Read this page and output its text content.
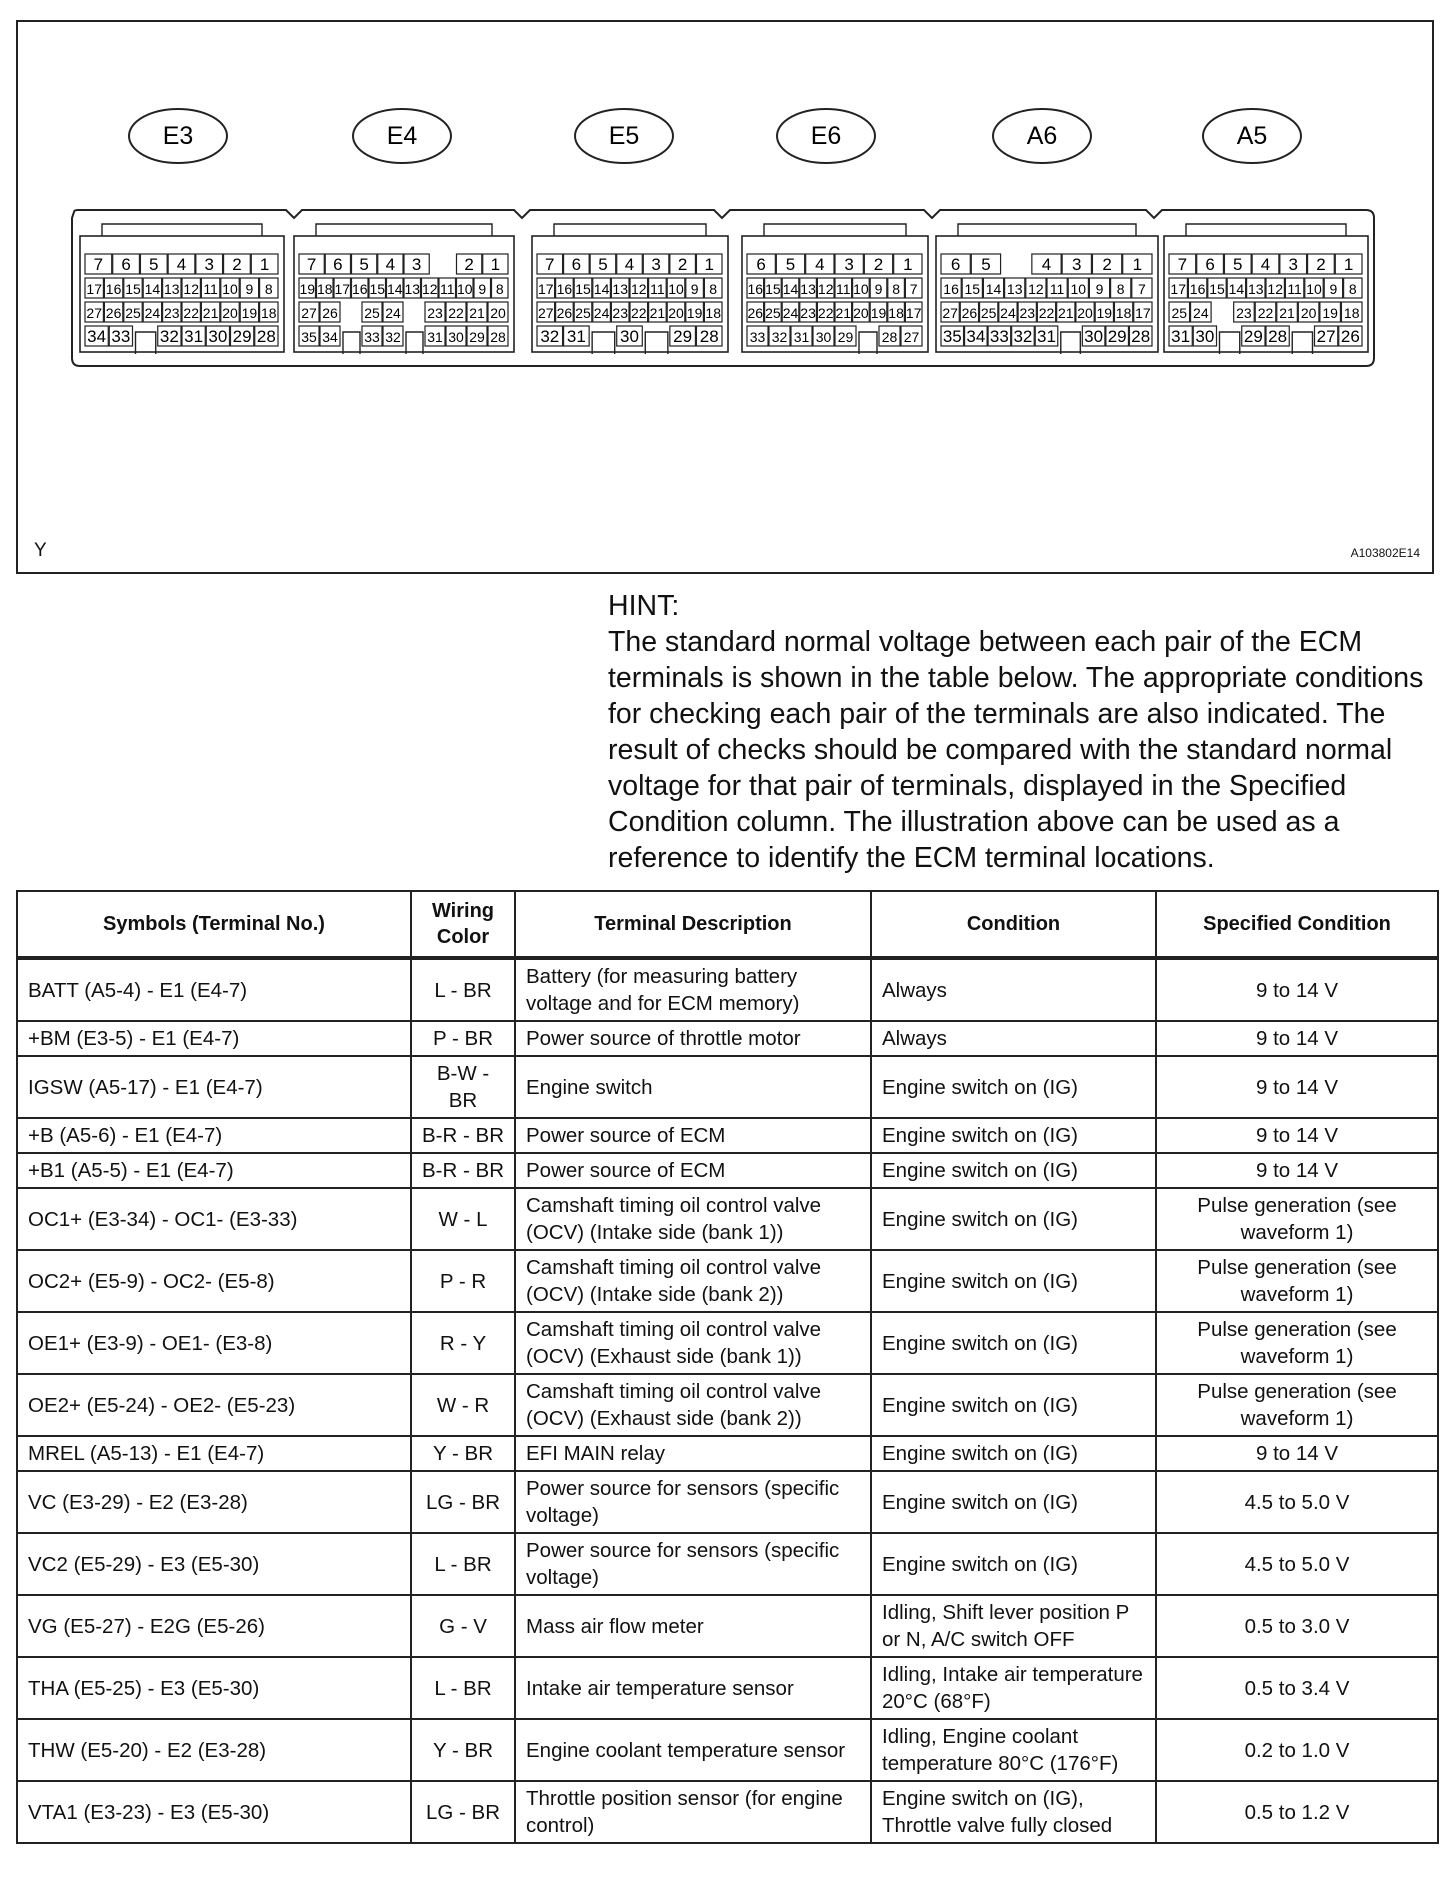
E3
7 6 5 4 3 2 1
17 16 15 14 13 12 11 10 9 8
27 26 25 24 23 22 21 20 19 18
34 33 32 31 30 29 28
E4
7 6 5 4 3	2 1
19 18 17 16 15 14 13 12 11 10 9 8
27 26 25 24 23 22 21 20
35 34 33 32 31 30 29 28
E5
7 6 5 4 3 2 1
17 16 15 14 13 12 11 10 9 8
27 26 25 24 23 22 21 20 19 18
32 31 30 29 28
E6
6 5 4 3 2 1
16 15 14 13 12 11 10 9 8 7
26 25 24 23 22 21 20 19 18 17
33 32 31 30 29 28 27
A6
6 5	4 3 2 1
16 15 14 13 12 11 10 9 8 7
27 26 25 24 23 22 21 20 19 18 17
35 34 33 32 31 30 29 28
A5
7 6 5 4 3 2 1
17 16 15 14 13 12 11 10 9 8
25 24 23 22 21 20 19 18
31 30 29 28 27 26
Y	A103802E14
HINT:
The standard normal voltage between each pair of the ECM terminals is shown in the table below. The appropriate conditions for checking each pair of the terminals are also indicated. The result of checks should be compared with the standard normal voltage for that pair of terminals, displayed in the Specified Condition column. The illustration above can be used as a reference to identify the ECM terminal locations.
Symbols (Terminal No.)	Wiring Color	Terminal Description	Condition	Specified Condition
BATT (A5-4) - E1 (E4-7)	L - BR	Battery (for measuring battery voltage and for ECM memory)	Always	9 to 14 V
+BM (E3-5) - E1 (E4-7)	P - BR	Power source of throttle motor	Always	9 to 14 V
IGSW (A5-17) - E1 (E4-7)	B-W - BR	Engine switch	Engine switch on (IG)	9 to 14 V
+B (A5-6) - E1 (E4-7)	B-R - BR	Power source of ECM	Engine switch on (IG)	9 to 14 V
+B1 (A5-5) - E1 (E4-7)	B-R - BR	Power source of ECM	Engine switch on (IG)	9 to 14 V
OC1+ (E3-34) - OC1- (E3-33)	W - L	Camshaft timing oil control valve (OCV) (Intake side (bank 1))	Engine switch on (IG)	Pulse generation (see waveform 1)
OC2+ (E5-9) - OC2- (E5-8)	P - R	Camshaft timing oil control valve (OCV) (Intake side (bank 2))	Engine switch on (IG)	Pulse generation (see waveform 1)
OE1+ (E3-9) - OE1- (E3-8)	R - Y	Camshaft timing oil control valve (OCV) (Exhaust side (bank 1))	Engine switch on (IG)	Pulse generation (see waveform 1)
OE2+ (E5-24) - OE2- (E5-23)	W - R	Camshaft timing oil control valve (OCV) (Exhaust side (bank 2))	Engine switch on (IG)	Pulse generation (see waveform 1)
MREL (A5-13) - E1 (E4-7)	Y - BR	EFI MAIN relay	Engine switch on (IG)	9 to 14 V
VC (E3-29) - E2 (E3-28)	LG - BR	Power source for sensors (specific voltage)	Engine switch on (IG)	4.5 to 5.0 V
VC2 (E5-29) - E3 (E5-30)	L - BR	Power source for sensors (specific voltage)	Engine switch on (IG)	4.5 to 5.0 V
VG (E5-27) - E2G (E5-26)	G - V	Mass air flow meter	Idling, Shift lever position P or N, A/C switch OFF	0.5 to 3.0 V
THA (E5-25) - E3 (E5-30)	L - BR	Intake air temperature sensor	Idling, Intake air temperature 20°C (68°F)	0.5 to 3.4 V
THW (E5-20) - E2 (E3-28)	Y - BR	Engine coolant temperature sensor	Idling, Engine coolant temperature 80°C (176°F)	0.2 to 1.0 V
VTA1 (E3-23) - E3 (E5-30)	LG - BR	Throttle position sensor (for engine control)	Engine switch on (IG), Throttle valve fully closed	0.5 to 1.2 V
